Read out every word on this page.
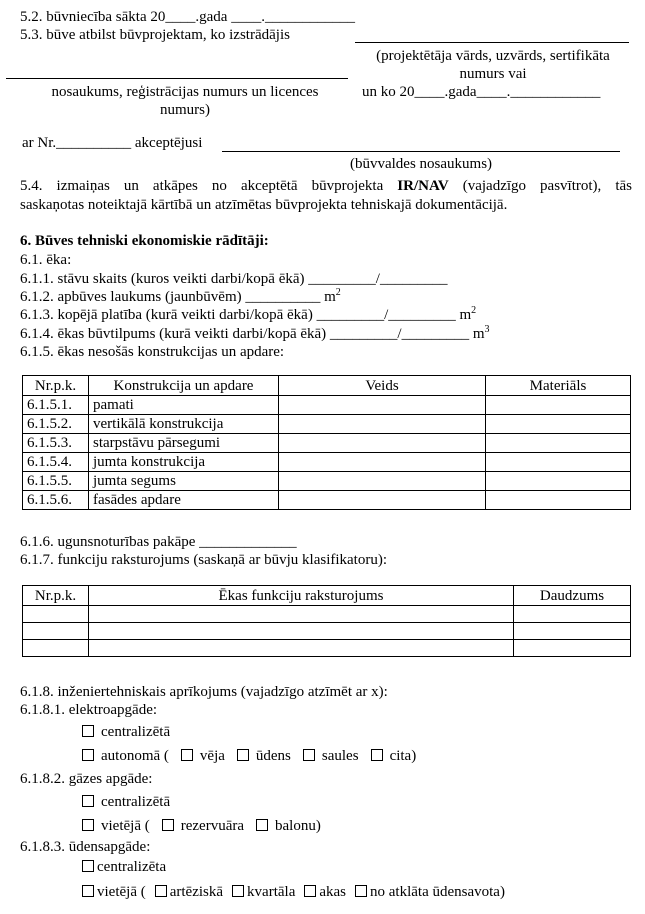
5.2. būvniecība sākta 20____.gada ____.____________
5.3. būve atbilst būvprojektam, ko izstrādājis
(projektētāja vārds, uzvārds, sertifikāta numurs vai
nosaukums, reģistrācijas numurs un licences numurs)
un ko 20____.gada____.____________
ar Nr.__________ akceptējusi
(būvvaldes nosaukums)
5.4. izmaiņas un atkāpes no akceptētā būvprojekta IR/NAV (vajadzīgo pasvītrot), tās
saskaņotas noteiktajā kārtībā un atzīmētas būvprojekta tehniskajā dokumentācijā.
6. Būves tehniski ekonomiskie rādītāji:
6.1. ēka:
6.1.1. stāvu skaits (kuros veikti darbi/kopā ēkā) _________/_________
6.1.2. apbūves laukums (jaunbūvēm) __________ $m^2$
6.1.3. kopējā platība (kurā veikti darbi/kopā ēkā) _________/_________ $m^2$
6.1.4. ēkas būvtilpums (kurā veikti darbi/kopā ēkā) _________/_________ $m^3$
6.1.5. ēkas nesošās konstrukcijas un apdare:
Nr.p.k.	Konstrukcija un apdare	Veids	Materiāls
6.1.5.1.	pamati		
6.1.5.2.	vertikālā konstrukcija		
6.1.5.3.	starpstāvu pārsegumi		
6.1.5.4.	jumta konstrukcija		
6.1.5.5.	jumta segums		
6.1.5.6.	fasādes apdare		
6.1.6. ugunsnoturības pakāpe _____________
6.1.7. funkciju raksturojums (saskaņā ar būvju klasifikatoru):
Nr.p.k.	Ēkas funkciju raksturojums	Daudzums

6.1.8. inženiertehniskais aprīkojums (vajadzīgo atzīmēt ar x):
6.1.8.1. elektroapgāde:
centralizētā
autonomā ( vēja ūdens saules cita)
6.1.8.2. gāzes apgāde:
centralizētā
vietējā ( rezervuāra balonu)
6.1.8.3. ūdensapgāde:
centralizēta
vietējā ( artēziskā kvartāla akas no atklāta ūdensavota)
